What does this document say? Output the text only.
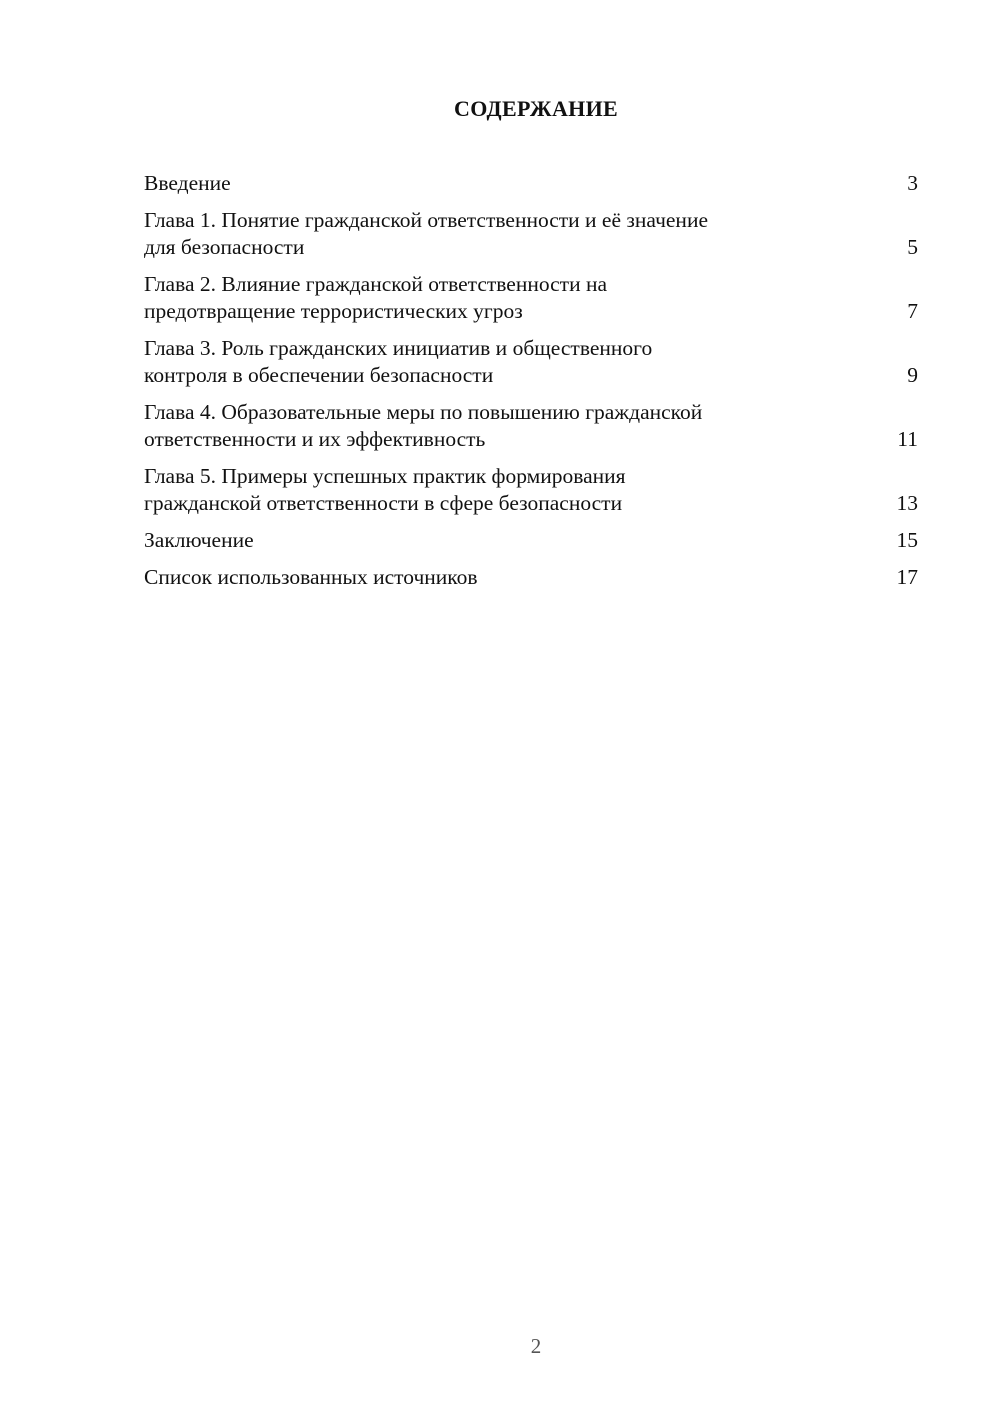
СОДЕРЖАНИЕ
Введение	3
Глава 1. Понятие гражданской ответственности и её значение
для безопасности	5
Глава 2. Влияние гражданской ответственности на
предотвращение террористических угроз	7
Глава 3. Роль гражданских инициатив и общественного
контроля в обеспечении безопасности	9
Глава 4. Образовательные меры по повышению гражданской
ответственности и их эффективность	11
Глава 5. Примеры успешных практик формирования
гражданской ответственности в сфере безопасности	13
Заключение	15
Список использованных источников	17
2
